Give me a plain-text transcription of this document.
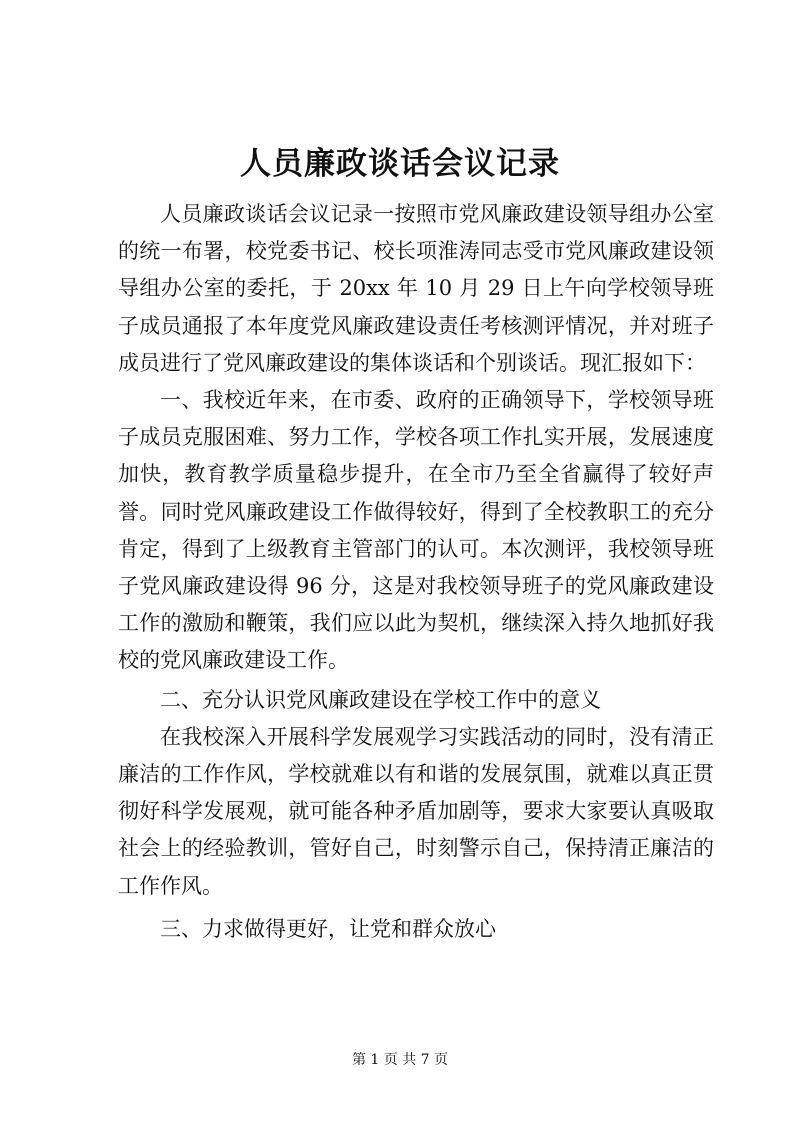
人员廉政谈话会议记录

人员廉政谈话会议记录一按照市党风廉政建设领导组办公室的统一布署，校党委书记、校长项淮涛同志受市党风廉政建设领导组办公室的委托，于 20xx 年 10 月 29 日上午向学校领导班子成员通报了本年度党风廉政建设责任考核测评情况，并对班子成员进行了党风廉政建设的集体谈话和个别谈话。现汇报如下：

一、我校近年来，在市委、政府的正确领导下，学校领导班子成员克服困难、努力工作，学校各项工作扎实开展，发展速度加快，教育教学质量稳步提升，在全市乃至全省赢得了较好声誉。同时党风廉政建设工作做得较好，得到了全校教职工的充分肯定，得到了上级教育主管部门的认可。本次测评，我校领导班子党风廉政建设得 96 分，这是对我校领导班子的党风廉政建设工作的激励和鞭策，我们应以此为契机，继续深入持久地抓好我校的党风廉政建设工作。

二、充分认识党风廉政建设在学校工作中的意义

在我校深入开展科学发展观学习实践活动的同时，没有清正廉洁的工作作风，学校就难以有和谐的发展氛围，就难以真正贯彻好科学发展观，就可能各种矛盾加剧等，要求大家要认真吸取社会上的经验教训，管好自己，时刻警示自己，保持清正廉洁的工作作风。

三、力求做得更好，让党和群众放心

第 1 页 共 7 页
